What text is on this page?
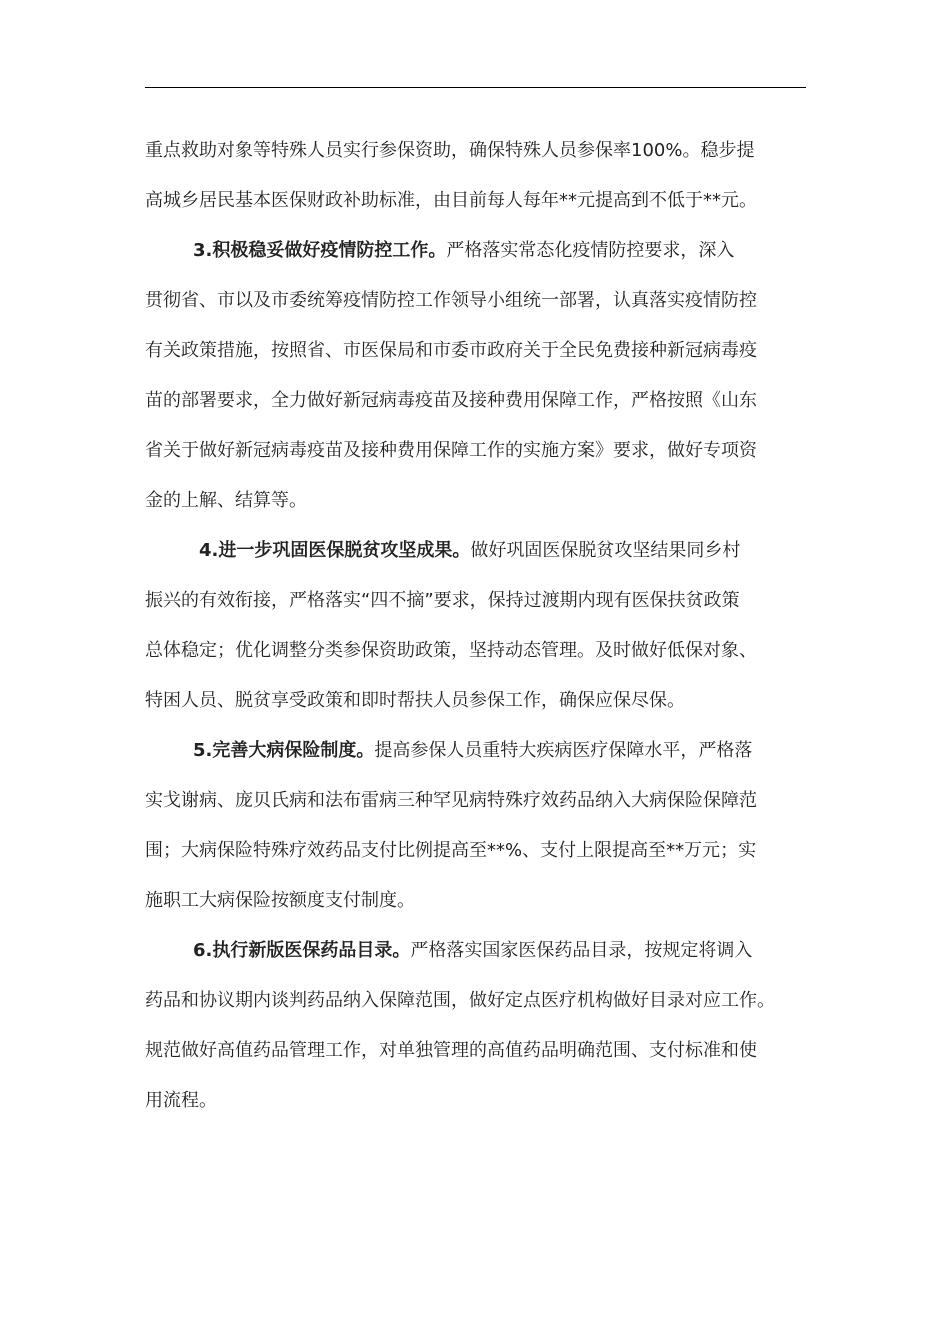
重点救助对象等特殊人员实行参保资助，确保特殊人员参保率100%。稳步提
高城乡居民基本医保财政补助标准，由目前每人每年**元提高到不低于**元。
3.积极稳妥做好疫情防控工作。严格落实常态化疫情防控要求，深入
贯彻省、市以及市委统筹疫情防控工作领导小组统一部署，认真落实疫情防控
有关政策措施，按照省、市医保局和市委市政府关于全民免费接种新冠病毒疫
苗的部署要求，全力做好新冠病毒疫苗及接种费用保障工作，严格按照《山东
省关于做好新冠病毒疫苗及接种费用保障工作的实施方案》要求，做好专项资
金的上解、结算等。
4.进一步巩固医保脱贫攻坚成果。做好巩固医保脱贫攻坚结果同乡村
振兴的有效衔接，严格落实“四不摘”要求，保持过渡期内现有医保扶贫政策
总体稳定；优化调整分类参保资助政策，坚持动态管理。及时做好低保对象、
特困人员、脱贫享受政策和即时帮扶人员参保工作，确保应保尽保。
5.完善大病保险制度。提高参保人员重特大疾病医疗保障水平，严格落
实戈谢病、庞贝氏病和法布雷病三种罕见病特殊疗效药品纳入大病保险保障范
围；大病保险特殊疗效药品支付比例提高至**%、支付上限提高至**万元；实
施职工大病保险按额度支付制度。
6.执行新版医保药品目录。严格落实国家医保药品目录，按规定将调入
药品和协议期内谈判药品纳入保障范围，做好定点医疗机构做好目录对应工作。
规范做好高值药品管理工作，对单独管理的高值药品明确范围、支付标准和使
用流程。
